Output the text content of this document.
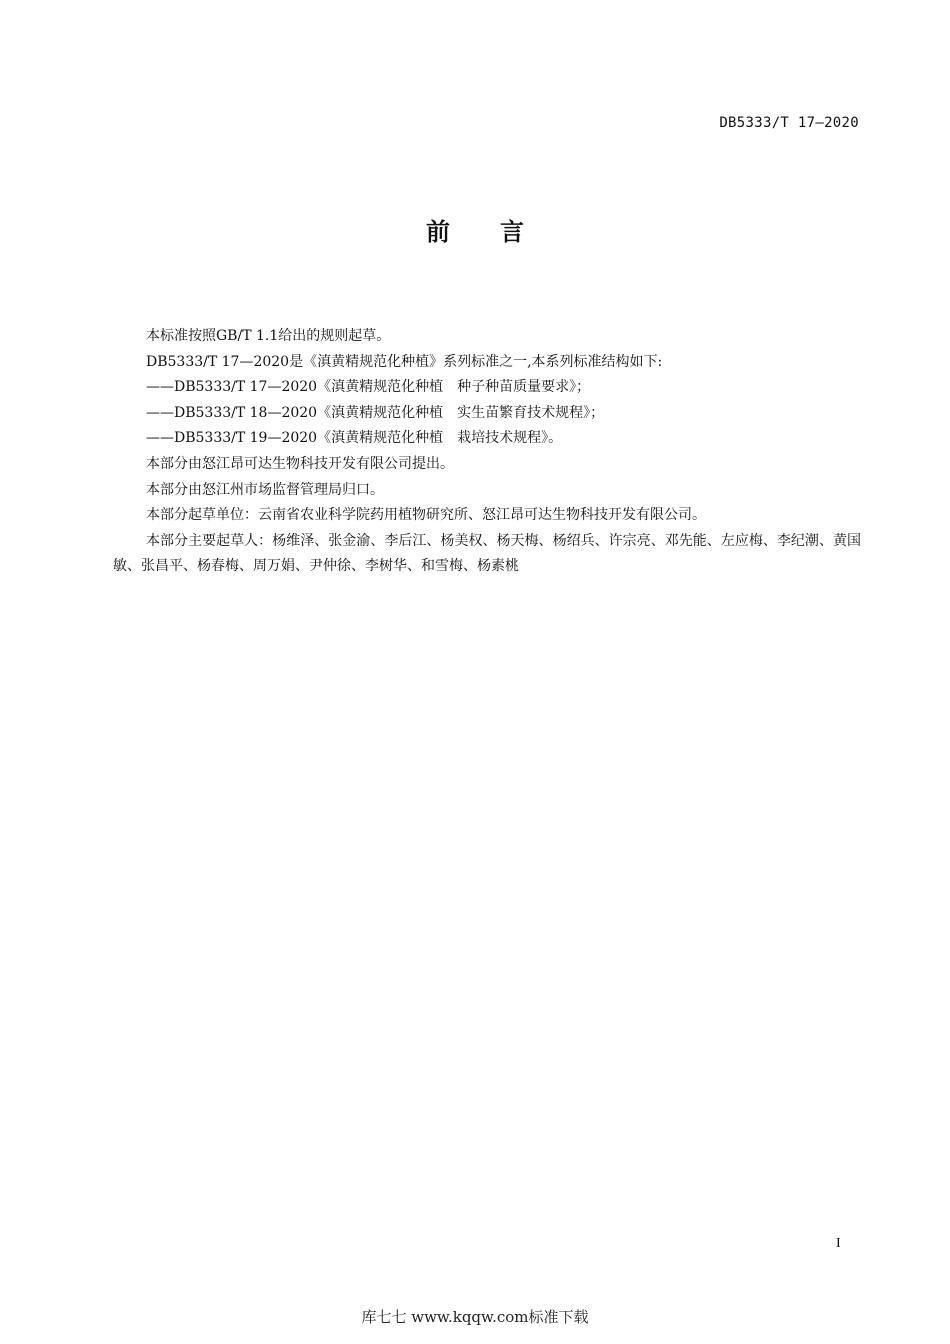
DB5333/T 17—2020
前言

本标准按照GB/T 1.1给出的规则起草。

DB5333/T 17—2020是《滇黄精规范化种植》系列标准之一,本系列标准结构如下:

——DB5333/T 17—2020《滇黄精规范化种植　种子种苗质量要求》；

——DB5333/T 18—2020《滇黄精规范化种植　实生苗繁育技术规程》；

——DB5333/T 19—2020《滇黄精规范化种植　栽培技术规程》。

本部分由怒江昂可达生物科技开发有限公司提出。

本部分由怒江州市场监督管理局归口。

本部分起草单位：云南省农业科学院药用植物研究所、怒江昂可达生物科技开发有限公司。

本部分主要起草人：杨维泽、张金渝、李后江、杨美权、杨天梅、杨绍兵、许宗亮、邓先能、左应梅、李纪潮、黄国敏、张昌平、杨春梅、周万娟、尹仲徐、李树华、和雪梅、杨素桃

I
库七七 www.kqqw.com标准下载
